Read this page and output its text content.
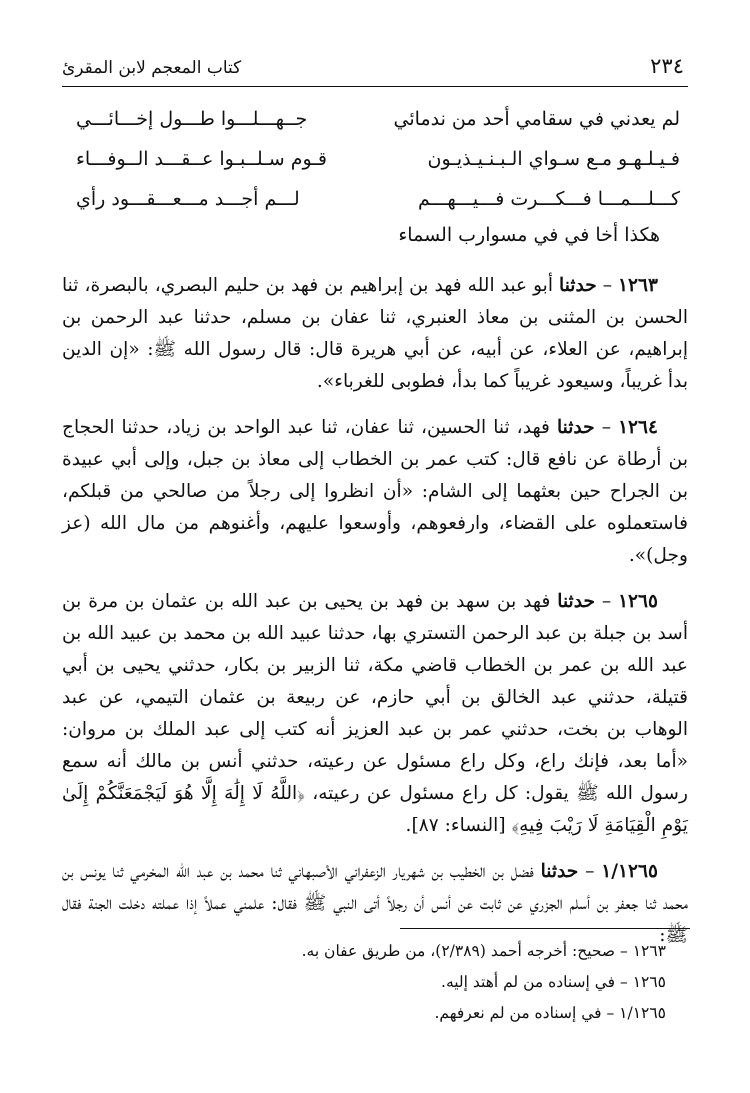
كتاب المعجم لابن المقرئ	٢٣٤
لم يعدني في سقامي أحد من ندمائي
جــهـــلـــوا طـــول إخـــائـــي
فـيـلـهـو مـع سـواي الـبـنـيـذيـون
قـوم سـلــبـوا عــقـــد الــوفـــاء
كـــلـــمـــا فـــكـــرت فـــيـــهـــم
لـــم أجـــد مـــعـــقـــود رأي
هكذا أخا في في مسوارب السماء

١٢٦٣ – حدثنا أبو عبد الله فهد بن إبراهيم بن فهد بن حليم البصري، بالبصرة، ثنا الحسن بن المثنى بن معاذ العنبري، ثنا عفان بن مسلم، حدثنا عبد الرحمن بن إبراهيم، عن العلاء، عن أبيه، عن أبي هريرة قال: قال رسول الله ﷺ: «إن الدين بدأ غريباً، وسيعود غريباً كما بدأ، فطوبى للغرباء».

١٢٦٤ – حدثنا فهد، ثنا الحسين، ثنا عفان، ثنا عبد الواحد بن زياد، حدثنا الحجاج بن أرطاة عن نافع قال: كتب عمر بن الخطاب إلى معاذ بن جبل، وإلى أبي عبيدة بن الجراح حين بعثهما إلى الشام: «أن انظروا إلى رجلاً من صالحي من قبلكم، فاستعملوه على القضاء، وارفعوهم، وأوسعوا عليهم، وأغنوهم من مال الله (عز وجل)».

١٢٦٥ – حدثنا فهد بن سهد بن فهد بن يحيى بن عبد الله بن عثمان بن مرة بن أسد بن جبلة بن عبد الرحمن التستري بها، حدثنا عبيد الله بن محمد بن عبيد الله بن عبد الله بن عمر بن الخطاب قاضي مكة، ثنا الزبير بن بكار، حدثني يحيى بن أبي قتيلة، حدثني عبد الخالق بن أبي حازم، عن ربيعة بن عثمان التيمي، عن عبد الوهاب بن بخت، حدثني عمر بن عبد العزيز أنه كتب إلى عبد الملك بن مروان: «أما بعد، فإنك راع، وكل راع مسئول عن رعيته، حدثني أنس بن مالك أنه سمع رسول الله ﷺ يقول: كل راع مسئول عن رعيته، ﴿اللَّهُ لَا إِلَٰهَ إِلَّا هُوَ لَيَجْمَعَنَّكُمْ إِلَىٰ يَوْمِ الْقِيَامَةِ لَا رَيْبَ فِيهِ﴾ [النساء: ٨٧].

١/١٢٦٥ – حدثنا فضل بن الخطيب بن شهريار الزعفراني الأصبهاني ثنا محمد بن عبد الله المخرمي ثنا يونس بن محمد ثنا جعفر بن أسلم الجزري عن ثابت عن أنس أن رجلاً أتى النبي ﷺ فقال: علمني عملاً إذا عملته دخلت الجنة فقال ﷺ:

١٢٦٣ – صحيح: أخرجه أحمد (٢/٣٨٩)، من طريق عفان به.
١٢٦٥ – في إسناده من لم أهتد إليه.
١/١٢٦٥ – في إسناده من لم نعرفهم.
